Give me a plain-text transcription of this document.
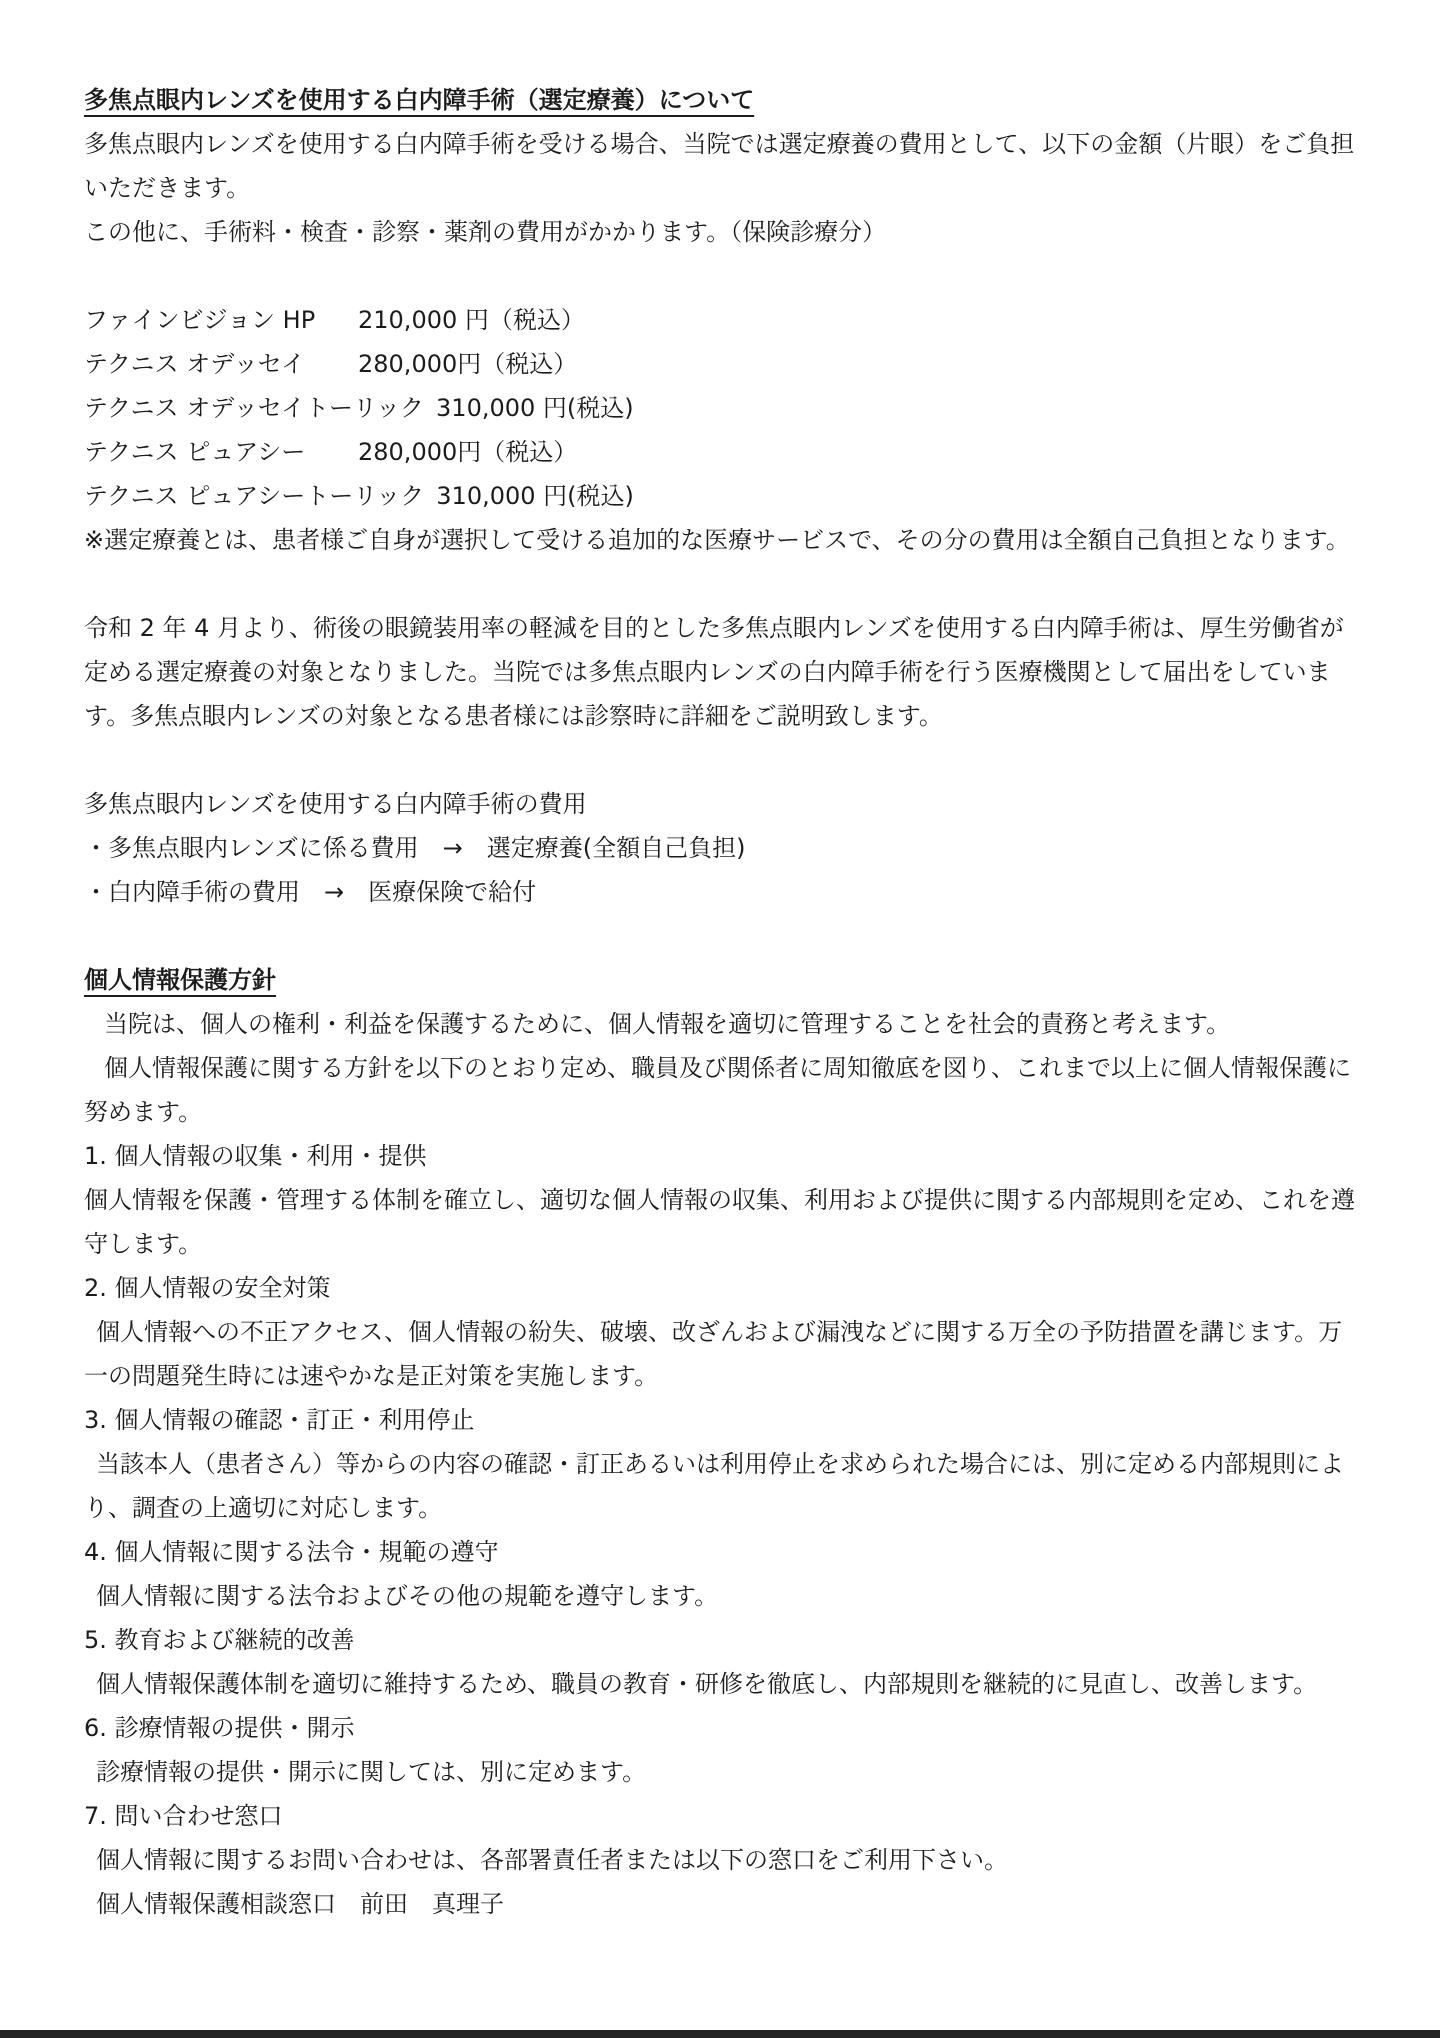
多焦点眼内レンズを使用する白内障手術（選定療養）について

多焦点眼内レンズを使用する白内障手術を受ける場合、当院では選定療養の費用として、以下の金額（片眼）をご負担いただきます。

この他に、手術料・検査・診察・薬剤の費用がかかります。（保険診療分）

ファインビジョン HP	210,000 円（税込）

テクニス オデッセイ	280,000円（税込）

テクニス オデッセイトーリック 310,000 円(税込)

テクニス ピュアシー	280,000円（税込）

テクニス ピュアシートーリック 310,000 円(税込)

※選定療養とは、患者様ご自身が選択して受ける追加的な医療サービスで、その分の費用は全額自己負担となります。

令和 2 年 4 月より、術後の眼鏡装用率の軽減を目的とした多焦点眼内レンズを使用する白内障手術は、厚生労働省が定める選定療養の対象となりました。当院では多焦点眼内レンズの白内障手術を行う医療機関として届出をしています。多焦点眼内レンズの対象となる患者様には診察時に詳細をご説明致します。

多焦点眼内レンズを使用する白内障手術の費用

・多焦点眼内レンズに係る費用　→　選定療養(全額自己負担)

・白内障手術の費用　→　医療保険で給付

個人情報保護方針

当院は、個人の権利・利益を保護するために、個人情報を適切に管理することを社会的責務と考えます。

個人情報保護に関する方針を以下のとおり定め、職員及び関係者に周知徹底を図り、これまで以上に個人情報保護に努めます。

1. 個人情報の収集・利用・提供

個人情報を保護・管理する体制を確立し、適切な個人情報の収集、利用および提供に関する内部規則を定め、これを遵守します。

2. 個人情報の安全対策

個人情報への不正アクセス、個人情報の紛失、破壊、改ざんおよび漏洩などに関する万全の予防措置を講じます。万一の問題発生時には速やかな是正対策を実施します。

3. 個人情報の確認・訂正・利用停止

当該本人（患者さん）等からの内容の確認・訂正あるいは利用停止を求められた場合には、別に定める内部規則により、調査の上適切に対応します。

4. 個人情報に関する法令・規範の遵守

個人情報に関する法令およびその他の規範を遵守します。

5. 教育および継続的改善

個人情報保護体制を適切に維持するため、職員の教育・研修を徹底し、内部規則を継続的に見直し、改善します。

6. 診療情報の提供・開示

診療情報の提供・開示に関しては、別に定めます。

7. 問い合わせ窓口

個人情報に関するお問い合わせは、各部署責任者または以下の窓口をご利用下さい。

個人情報保護相談窓口　前田　真理子
